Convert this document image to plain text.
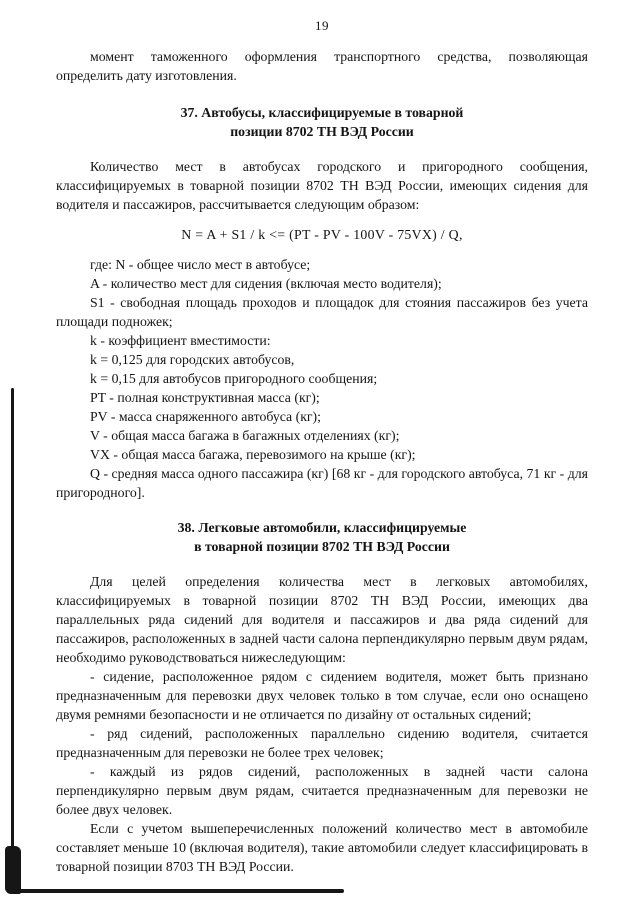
19

момент таможенного оформления транспортного средства, позволяющая определить дату изготовления.

37. Автобусы, классифицируемые в товарной
позиции 8702 ТН ВЭД России

Количество мест в автобусах городского и пригородного сообщения, классифицируемых в товарной позиции 8702 ТН ВЭД России, имеющих сидения для водителя и пассажиров, рассчитывается следующим образом:

N = A + S1 / k <= (PT - PV - 100V - 75VX) / Q,

где: N - общее число мест в автобусе;

A - количество мест для сидения (включая место водителя);

S1 - свободная площадь проходов и площадок для стояния пассажиров без учета площади подножек;

k - коэффициент вместимости:

k = 0,125 для городских автобусов,

k = 0,15 для автобусов пригородного сообщения;

PT - полная конструктивная масса (кг);

PV - масса снаряженного автобуса (кг);

V - общая масса багажа в багажных отделениях (кг);

VX - общая масса багажа, перевозимого на крыше (кг);

Q - средняя масса одного пассажира (кг) [68 кг - для городского автобуса, 71 кг - для пригородного].

38. Легковые автомобили, классифицируемые
в товарной позиции 8702 ТН ВЭД России

Для целей определения количества мест в легковых автомобилях, классифицируемых в товарной позиции 8702 ТН ВЭД России, имеющих два параллельных ряда сидений для водителя и пассажиров и два ряда сидений для пассажиров, расположенных в задней части салона перпендикулярно первым двум рядам, необходимо руководствоваться нижеследующим:

- сидение, расположенное рядом с сидением водителя, может быть признано предназначенным для перевозки двух человек только в том случае, если оно оснащено двумя ремнями безопасности и не отличается по дизайну от остальных сидений;

- ряд сидений, расположенных параллельно сидению водителя, считается предназначенным для перевозки не более трех человек;

- каждый из рядов сидений, расположенных в задней части салона перпендикулярно первым двум рядам, считается предназначенным для перевозки не более двух человек.

Если с учетом вышеперечисленных положений количество мест в автомобиле составляет меньше 10 (включая водителя), такие автомобили следует классифицировать в товарной позиции 8703 ТН ВЭД России.
